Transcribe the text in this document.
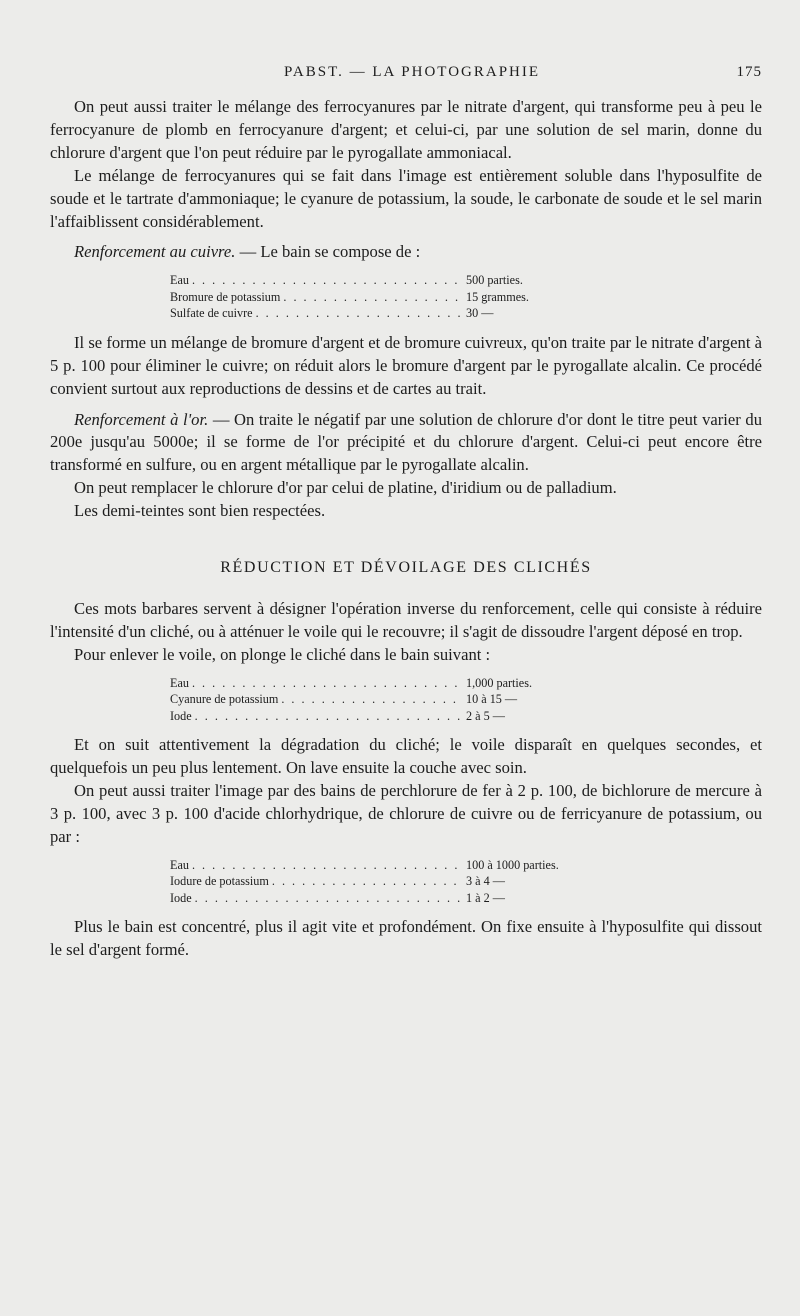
PABST. — LA PHOTOGRAPHIE	175

On peut aussi traiter le mélange des ferrocyanures par le nitrate d'argent, qui transforme peu à peu le ferrocyanure de plomb en ferrocyanure d'argent; et celui-ci, par une solution de sel marin, donne du chlorure d'argent que l'on peut réduire par le pyrogallate ammoniacal.

Le mélange de ferrocyanures qui se fait dans l'image est entièrement soluble dans l'hyposulfite de soude et le tartrate d'ammoniaque; le cyanure de potassium, la soude, le carbonate de soude et le sel marin l'affaiblissent considérablement.

Renforcement au cuivre. — Le bain se compose de :

Eau . . .	500 parties.
Bromure de potassium . . .	15 grammes.
Sulfate de cuivre . . .	30 —

Il se forme un mélange de bromure d'argent et de bromure cuivreux, qu'on traite par le nitrate d'argent à 5 p. 100 pour éliminer le cuivre; on réduit alors le bromure d'argent par le pyrogallate alcalin. Ce procédé convient surtout aux reproductions de dessins et de cartes au trait.

Renforcement à l'or. — On traite le négatif par une solution de chlorure d'or dont le titre peut varier du 200e jusqu'au 5000e; il se forme de l'or précipité et du chlorure d'argent. Celui-ci peut encore être transformé en sulfure, ou en argent métallique par le pyrogallate alcalin.

On peut remplacer le chlorure d'or par celui de platine, d'iridium ou de palladium.

Les demi-teintes sont bien respectées.

RÉDUCTION ET DÉVOILAGE DES CLICHÉS

Ces mots barbares servent à désigner l'opération inverse du renforcement, celle qui consiste à réduire l'intensité d'un cliché, ou à atténuer le voile qui le recouvre; il s'agit de dissoudre l'argent déposé en trop.

Pour enlever le voile, on plonge le cliché dans le bain suivant :

Eau . . .	1,000 parties.
Cyanure de potassium . . .	10 à 15 —
Iode . . .	2 à 5 —

Et on suit attentivement la dégradation du cliché; le voile disparaît en quelques secondes, et quelquefois un peu plus lentement. On lave ensuite la couche avec soin.

On peut aussi traiter l'image par des bains de perchlorure de fer à 2 p. 100, de bichlorure de mercure à 3 p. 100, avec 3 p. 100 d'acide chlorhydrique, de chlorure de cuivre ou de ferricyanure de potassium, ou par :

Eau . . .	100 à 1000 parties.
Iodure de potassium . . .	3 à 4 —
Iode . . .	1 à 2 —

Plus le bain est concentré, plus il agit vite et profondément. On fixe ensuite à l'hyposulfite qui dissout le sel d'argent formé.
